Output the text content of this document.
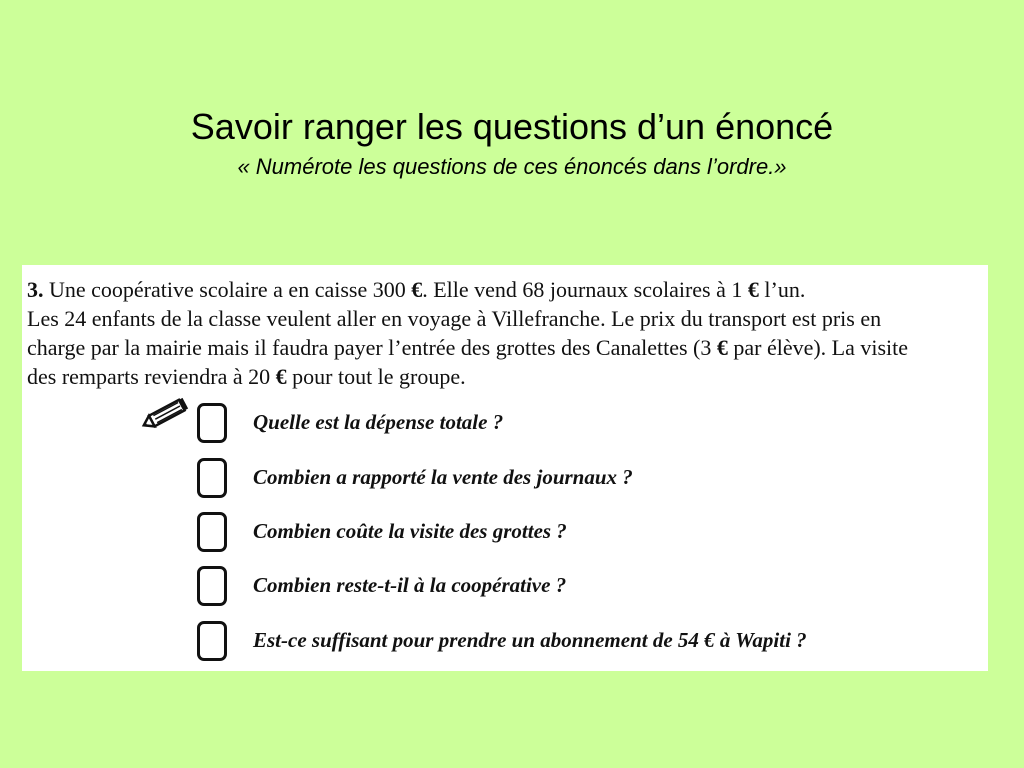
Savoir ranger les questions d’un énoncé
« Numérote les questions de ces énoncés dans l’ordre.»
3. Une coopérative scolaire a en caisse 300 €. Elle vend 68 journaux scolaires à 1 € l’un.
Les 24 enfants de la classe veulent aller en voyage à Villefranche. Le prix du transport est pris en
charge par la mairie mais il faudra payer l’entrée des grottes des Canalettes (3 € par élève). La visite
des remparts reviendra à 20 € pour tout le groupe.
Quelle est la dépense totale ?
Combien a rapporté la vente des journaux ?
Combien coûte la visite des grottes ?
Combien reste-t-il à la coopérative ?
Est-ce suffisant pour prendre un abonnement de 54 € à Wapiti ?
